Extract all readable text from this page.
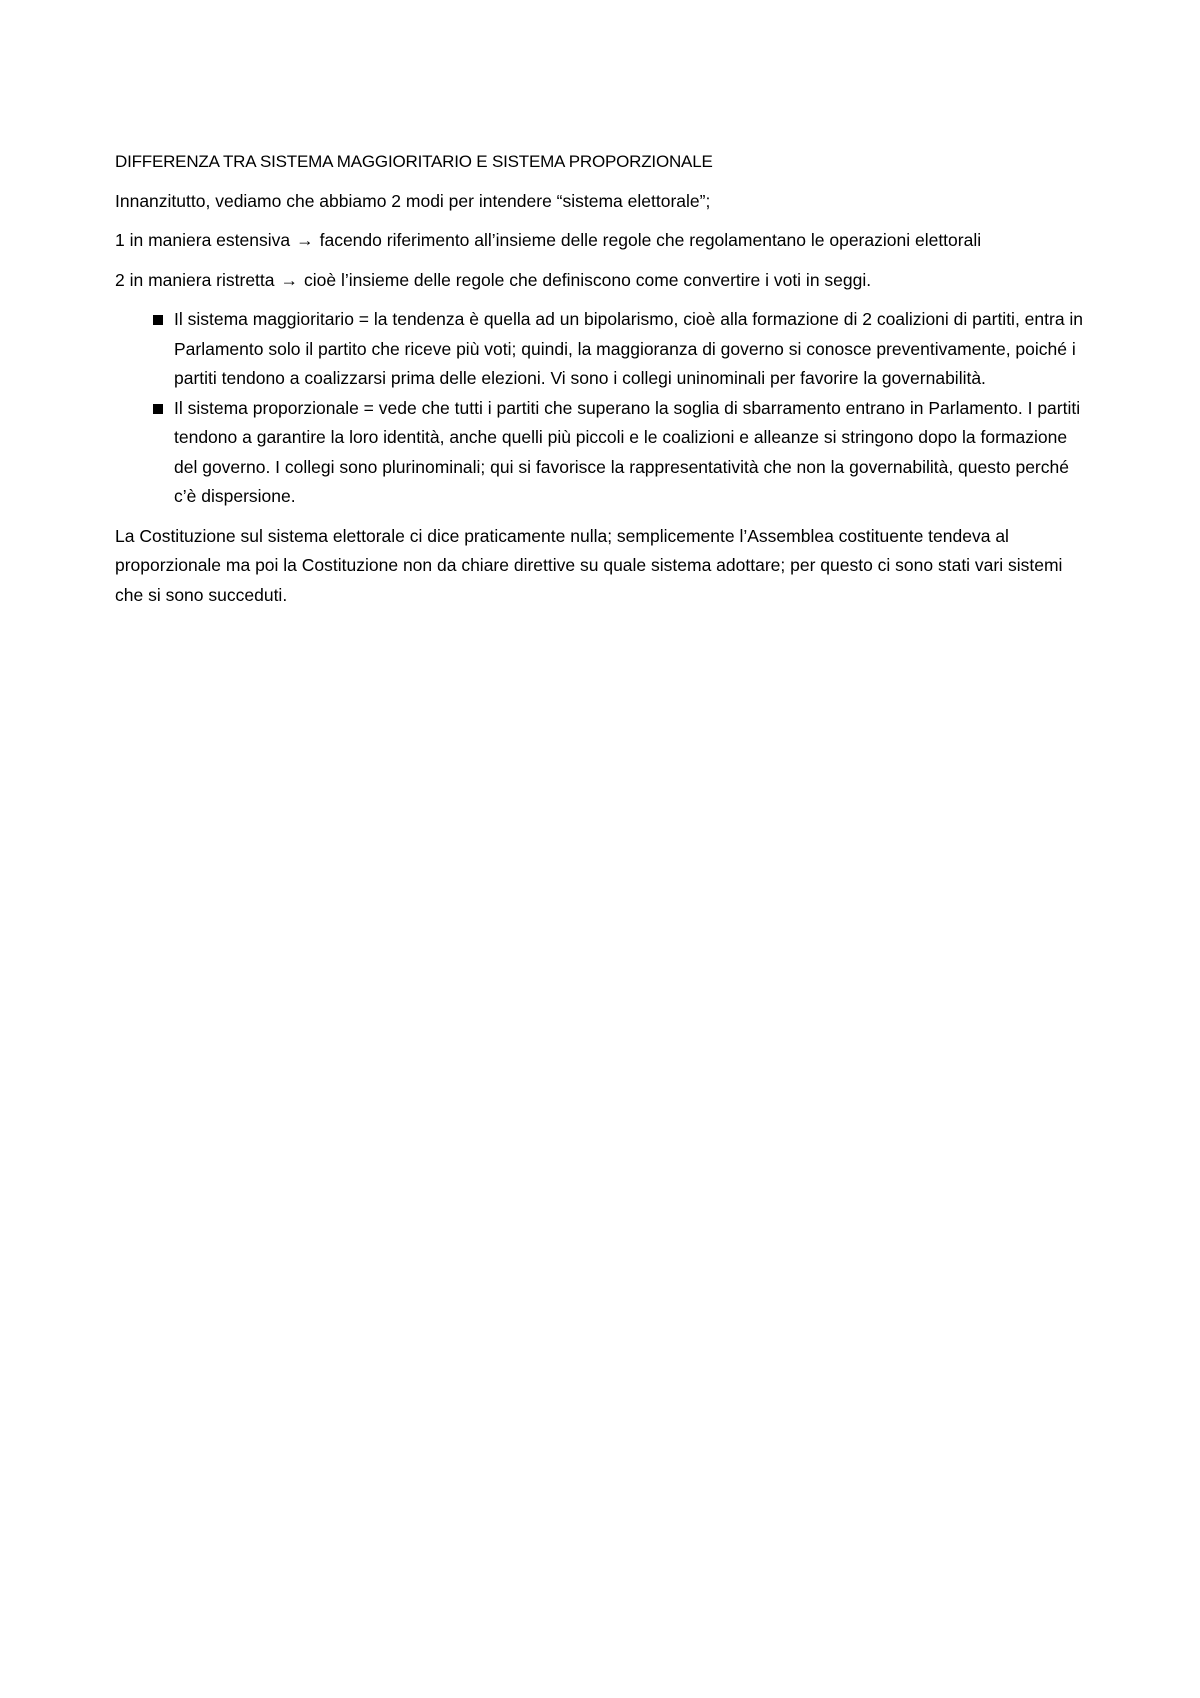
DIFFERENZA TRA SISTEMA MAGGIORITARIO E SISTEMA PROPORZIONALE

Innanzitutto, vediamo che abbiamo 2 modi per intendere “sistema elettorale”;

1 in maniera estensiva → facendo riferimento all’insieme delle regole che regolamentano le operazioni elettorali

2 in maniera ristretta → cioè l’insieme delle regole che definiscono come convertire i voti in seggi.

Il sistema maggioritario = la tendenza è quella ad un bipolarismo, cioè alla formazione di 2 coalizioni di partiti, entra in Parlamento solo il partito che riceve più voti; quindi, la maggioranza di governo si conosce preventivamente, poiché i partiti tendono a coalizzarsi prima delle elezioni. Vi sono i collegi uninominali per favorire la governabilità.
Il sistema proporzionale = vede che tutti i partiti che superano la soglia di sbarramento entrano in Parlamento. I partiti tendono a garantire la loro identità, anche quelli più piccoli e le coalizioni e alleanze si stringono dopo la formazione del governo. I collegi sono plurinominali; qui si favorisce la rappresentatività che non la governabilità, questo perché c’è dispersione.

La Costituzione sul sistema elettorale ci dice praticamente nulla; semplicemente l’Assemblea costituente tendeva al proporzionale ma poi la Costituzione non da chiare direttive su quale sistema adottare; per questo ci sono stati vari sistemi che si sono succeduti.
